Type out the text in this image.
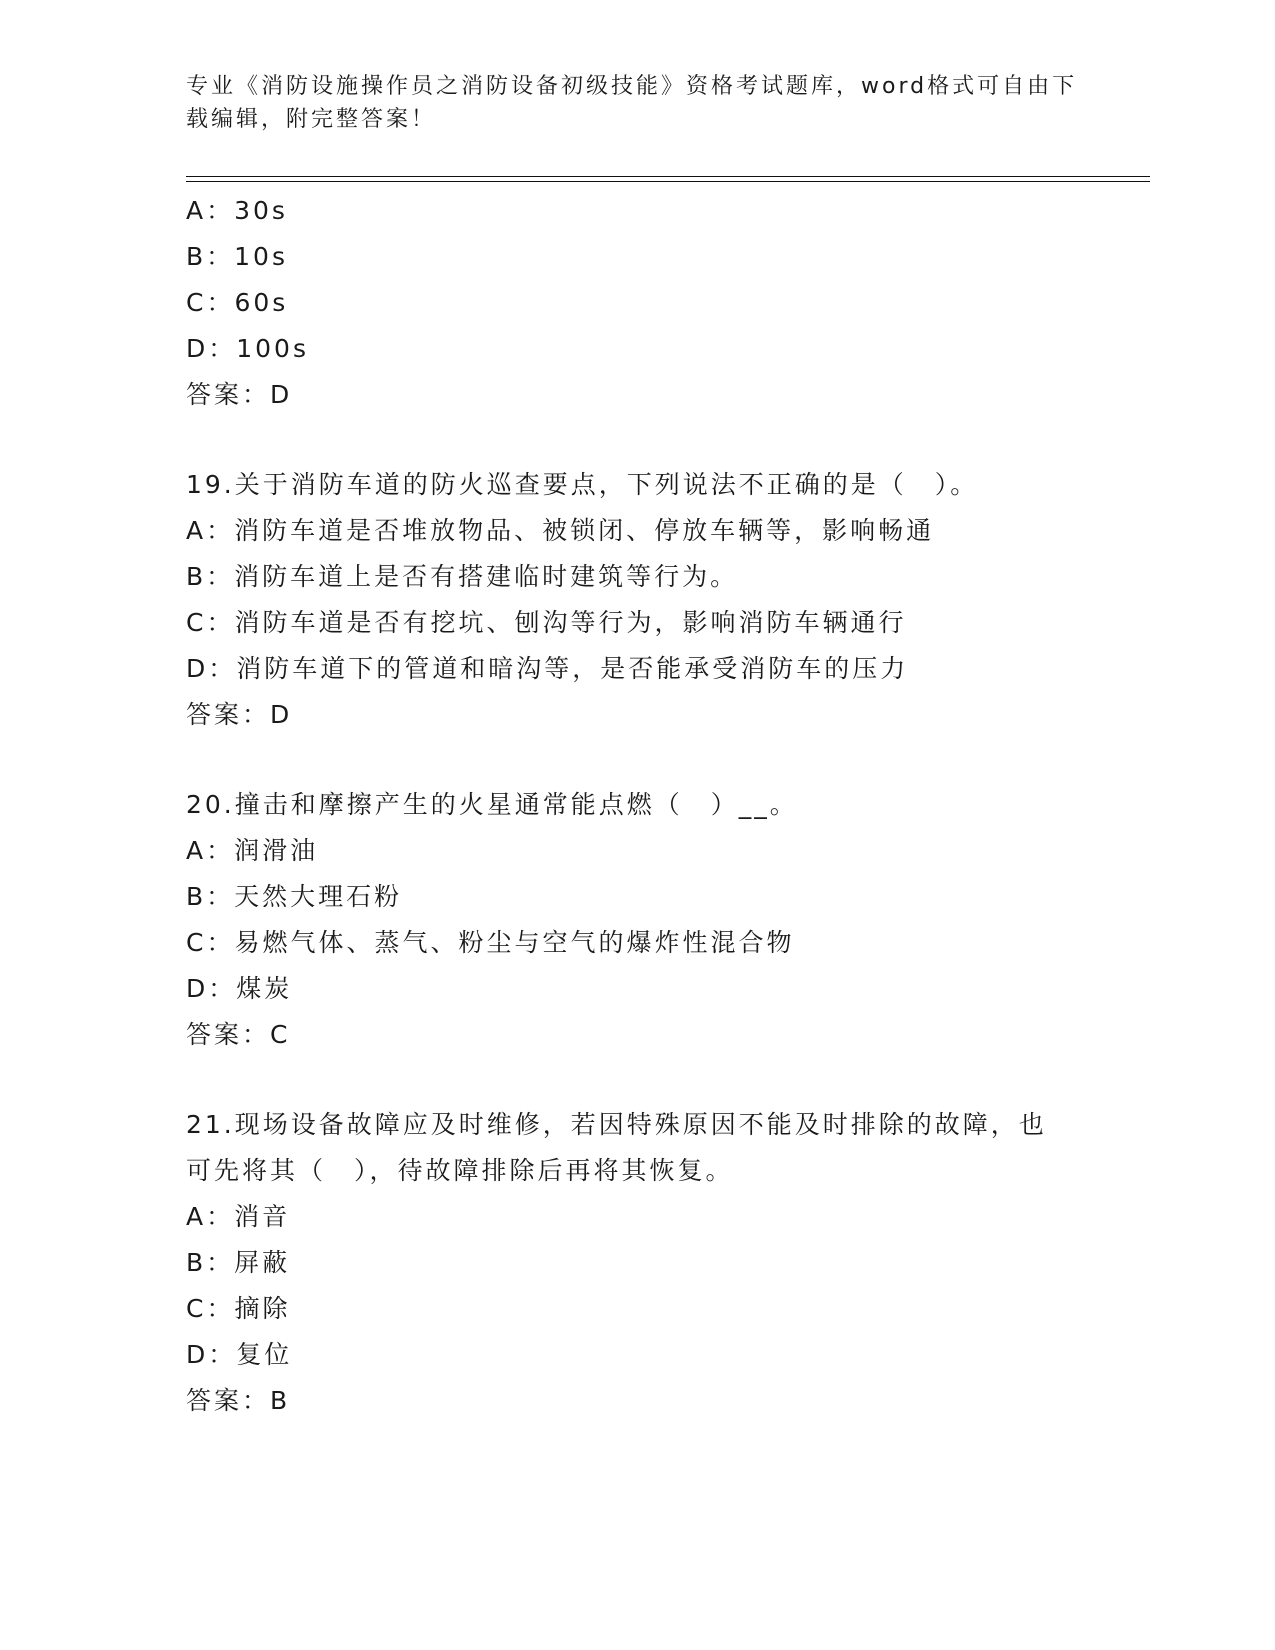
专业《消防设施操作员之消防设备初级技能》资格考试题库，word格式可自由下
载编辑，附完整答案！
A：30s
B：10s
C：60s
D：100s
答案：D
19.关于消防车道的防火巡查要点，下列说法不正确的是（　）。
A：消防车道是否堆放物品、被锁闭、停放车辆等，影响畅通
B：消防车道上是否有搭建临时建筑等行为。
C：消防车道是否有挖坑、刨沟等行为，影响消防车辆通行
D：消防车道下的管道和暗沟等，是否能承受消防车的压力
答案：D
20.撞击和摩擦产生的火星通常能点燃（　）__。
A：润滑油
B：天然大理石粉
C：易燃气体、蒸气、粉尘与空气的爆炸性混合物
D：煤炭
答案：C
21.现场设备故障应及时维修，若因特殊原因不能及时排除的故障，也
可先将其（　），待故障排除后再将其恢复。
A：消音
B：屏蔽
C：摘除
D：复位
答案：B
